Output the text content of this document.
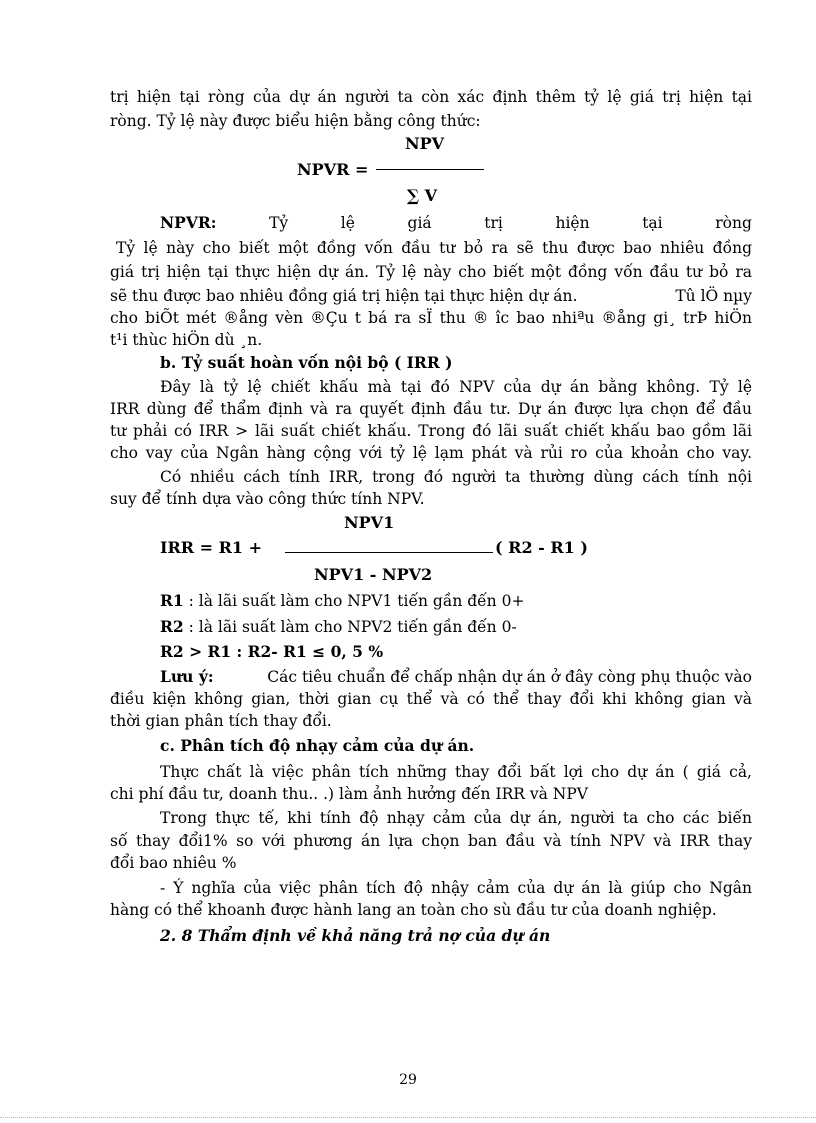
trị hiện tại ròng của dự án người ta còn xác định thêm tỷ lệ giá trị hiện tại
ròng. Tỷ lệ này được biểu hiện bằng công thức:
NPV
NPVR =
∑ V
NPVR:	Tỷ	lệ	giá	trị	hiện	tại	ròng
Tỷ lệ này cho biết một đồng vốn đầu tư bỏ ra sẽ thu được bao nhiêu đồng
giá trị hiện tại thực hiện dự án. Tỷ lệ này cho biết một đồng vốn đầu tư bỏ ra
sẽ thu được bao nhiêu đồng giá trị hiện tại thực hiện dự án.	Tû lÖ nµy
cho biÕt mét ®ång vèn ®Çu t bá ra sÏ thu ® îc bao nhiªu ®ång gi¸ trÞ hiÖn
t¹i thùc hiÖn dù ¸n.
b. Tỷ suất hoàn vốn nội bộ ( IRR )
Đây là tỷ lệ chiết khấu mà tại đó NPV của dự án bằng không. Tỷ lệ
IRR dùng để thẩm định và ra quyết định đầu tư. Dự án được lựa chọn để đầu
tư phải có IRR > lãi suất chiết khấu. Trong đó lãi suất chiết khấu bao gồm lãi
cho vay của Ngân hàng cộng với tỷ lệ lạm phát và rủi ro của khoản cho vay.
Có nhiều cách tính IRR, trong đó người ta thường dùng cách tính nội
suy để tính dựa vào công thức tính NPV.
NPV1
IRR = R1 +	( R2 - R1 )
NPV1 - NPV2
R1 : là lãi suất làm cho NPV1 tiến gần đến 0+
R2 : là lãi suất làm cho NPV2 tiến gần đến 0-
R2 > R1 : R2- R1 ≤ 0, 5 %
Lưu ý:	Các tiêu chuẩn để chấp nhận dự án ở đây còng phụ thuộc vào
điều kiện không gian, thời gian cụ thể và có thể thay đổi khi không gian và
thời gian phân tích thay đổi.
c. Phân tích độ nhạy cảm của dự án.
Thực chất là việc phân tích những thay đổi bất lợi cho dự án ( giá cả,
chi phí đầu tư, doanh thu.. .) làm ảnh hưởng đến IRR và NPV
Trong thực tế, khi tính độ nhạy cảm của dự án, người ta cho các biến
số thay đổi1% so với phương án lựa chọn ban đầu và tính NPV và IRR thay
đổi bao nhiêu %
- Ý nghĩa của việc phân tích độ nhậy cảm của dự án là giúp cho Ngân
hàng có thể khoanh được hành lang an toàn cho sù đầu tư của doanh nghiệp.
2. 8 Thẩm định về khả năng trả nợ của dự án
29
